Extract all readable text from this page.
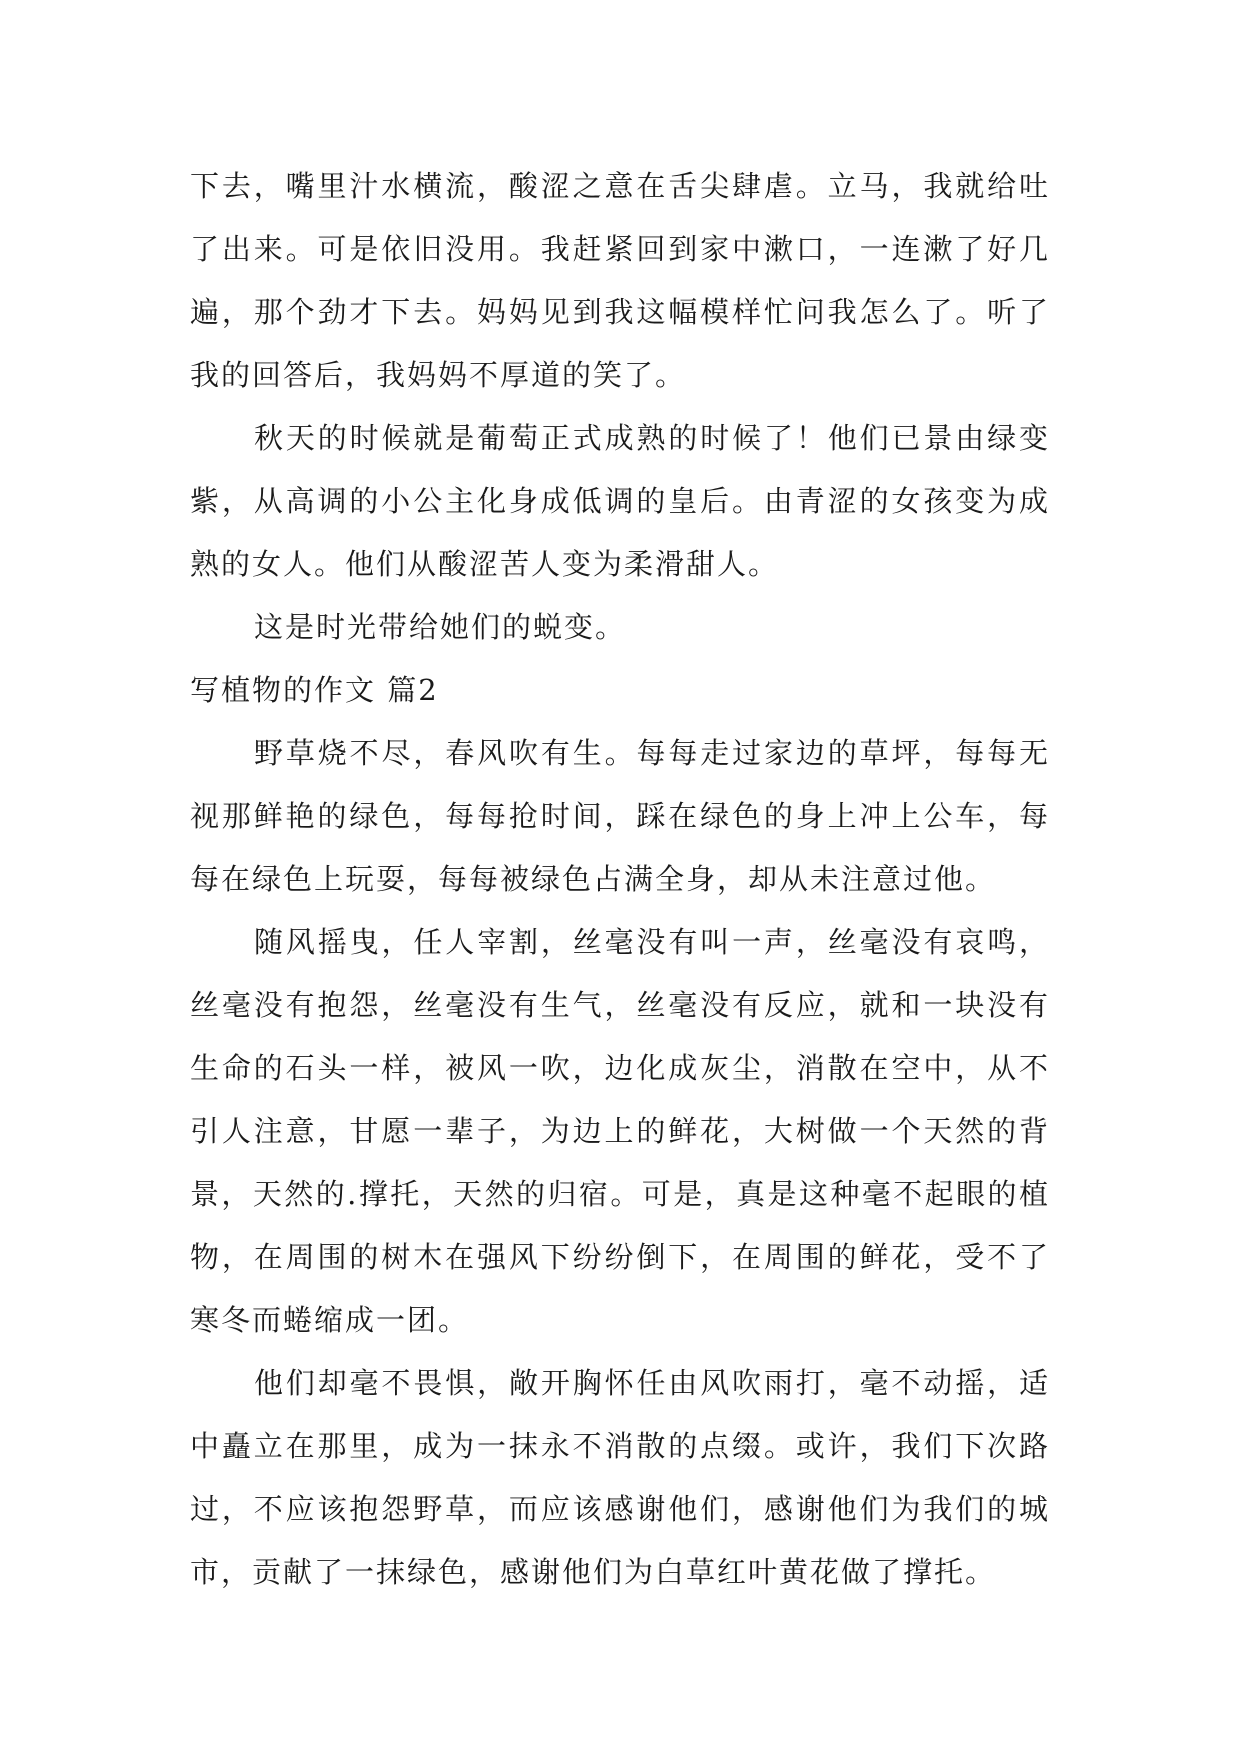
下去，嘴里汁水横流，酸涩之意在舌尖肆虐。立马，我就给吐了出来。可是依旧没用。我赶紧回到家中漱口，一连漱了好几遍，那个劲才下去。妈妈见到我这幅模样忙问我怎么了。听了我的回答后，我妈妈不厚道的笑了。

秋天的时候就是葡萄正式成熟的时候了！他们已景由绿变紫，从高调的小公主化身成低调的皇后。由青涩的女孩变为成熟的女人。他们从酸涩苦人变为柔滑甜人。

这是时光带给她们的蜕变。

写植物的作文 篇2

野草烧不尽，春风吹有生。每每走过家边的草坪，每每无视那鲜艳的绿色，每每抢时间，踩在绿色的身上冲上公车，每每在绿色上玩耍，每每被绿色占满全身，却从未注意过他。

随风摇曳，任人宰割，丝毫没有叫一声，丝毫没有哀鸣，丝毫没有抱怨，丝毫没有生气，丝毫没有反应，就和一块没有生命的石头一样，被风一吹，边化成灰尘，消散在空中，从不引人注意，甘愿一辈子，为边上的鲜花，大树做一个天然的背景，天然的.撑托，天然的归宿。可是，真是这种毫不起眼的植物，在周围的树木在强风下纷纷倒下，在周围的鲜花，受不了寒冬而蜷缩成一团。

他们却毫不畏惧，敞开胸怀任由风吹雨打，毫不动摇，适中矗立在那里，成为一抹永不消散的点缀。或许，我们下次路过，不应该抱怨野草，而应该感谢他们，感谢他们为我们的城市，贡献了一抹绿色，感谢他们为白草红叶黄花做了撑托。
